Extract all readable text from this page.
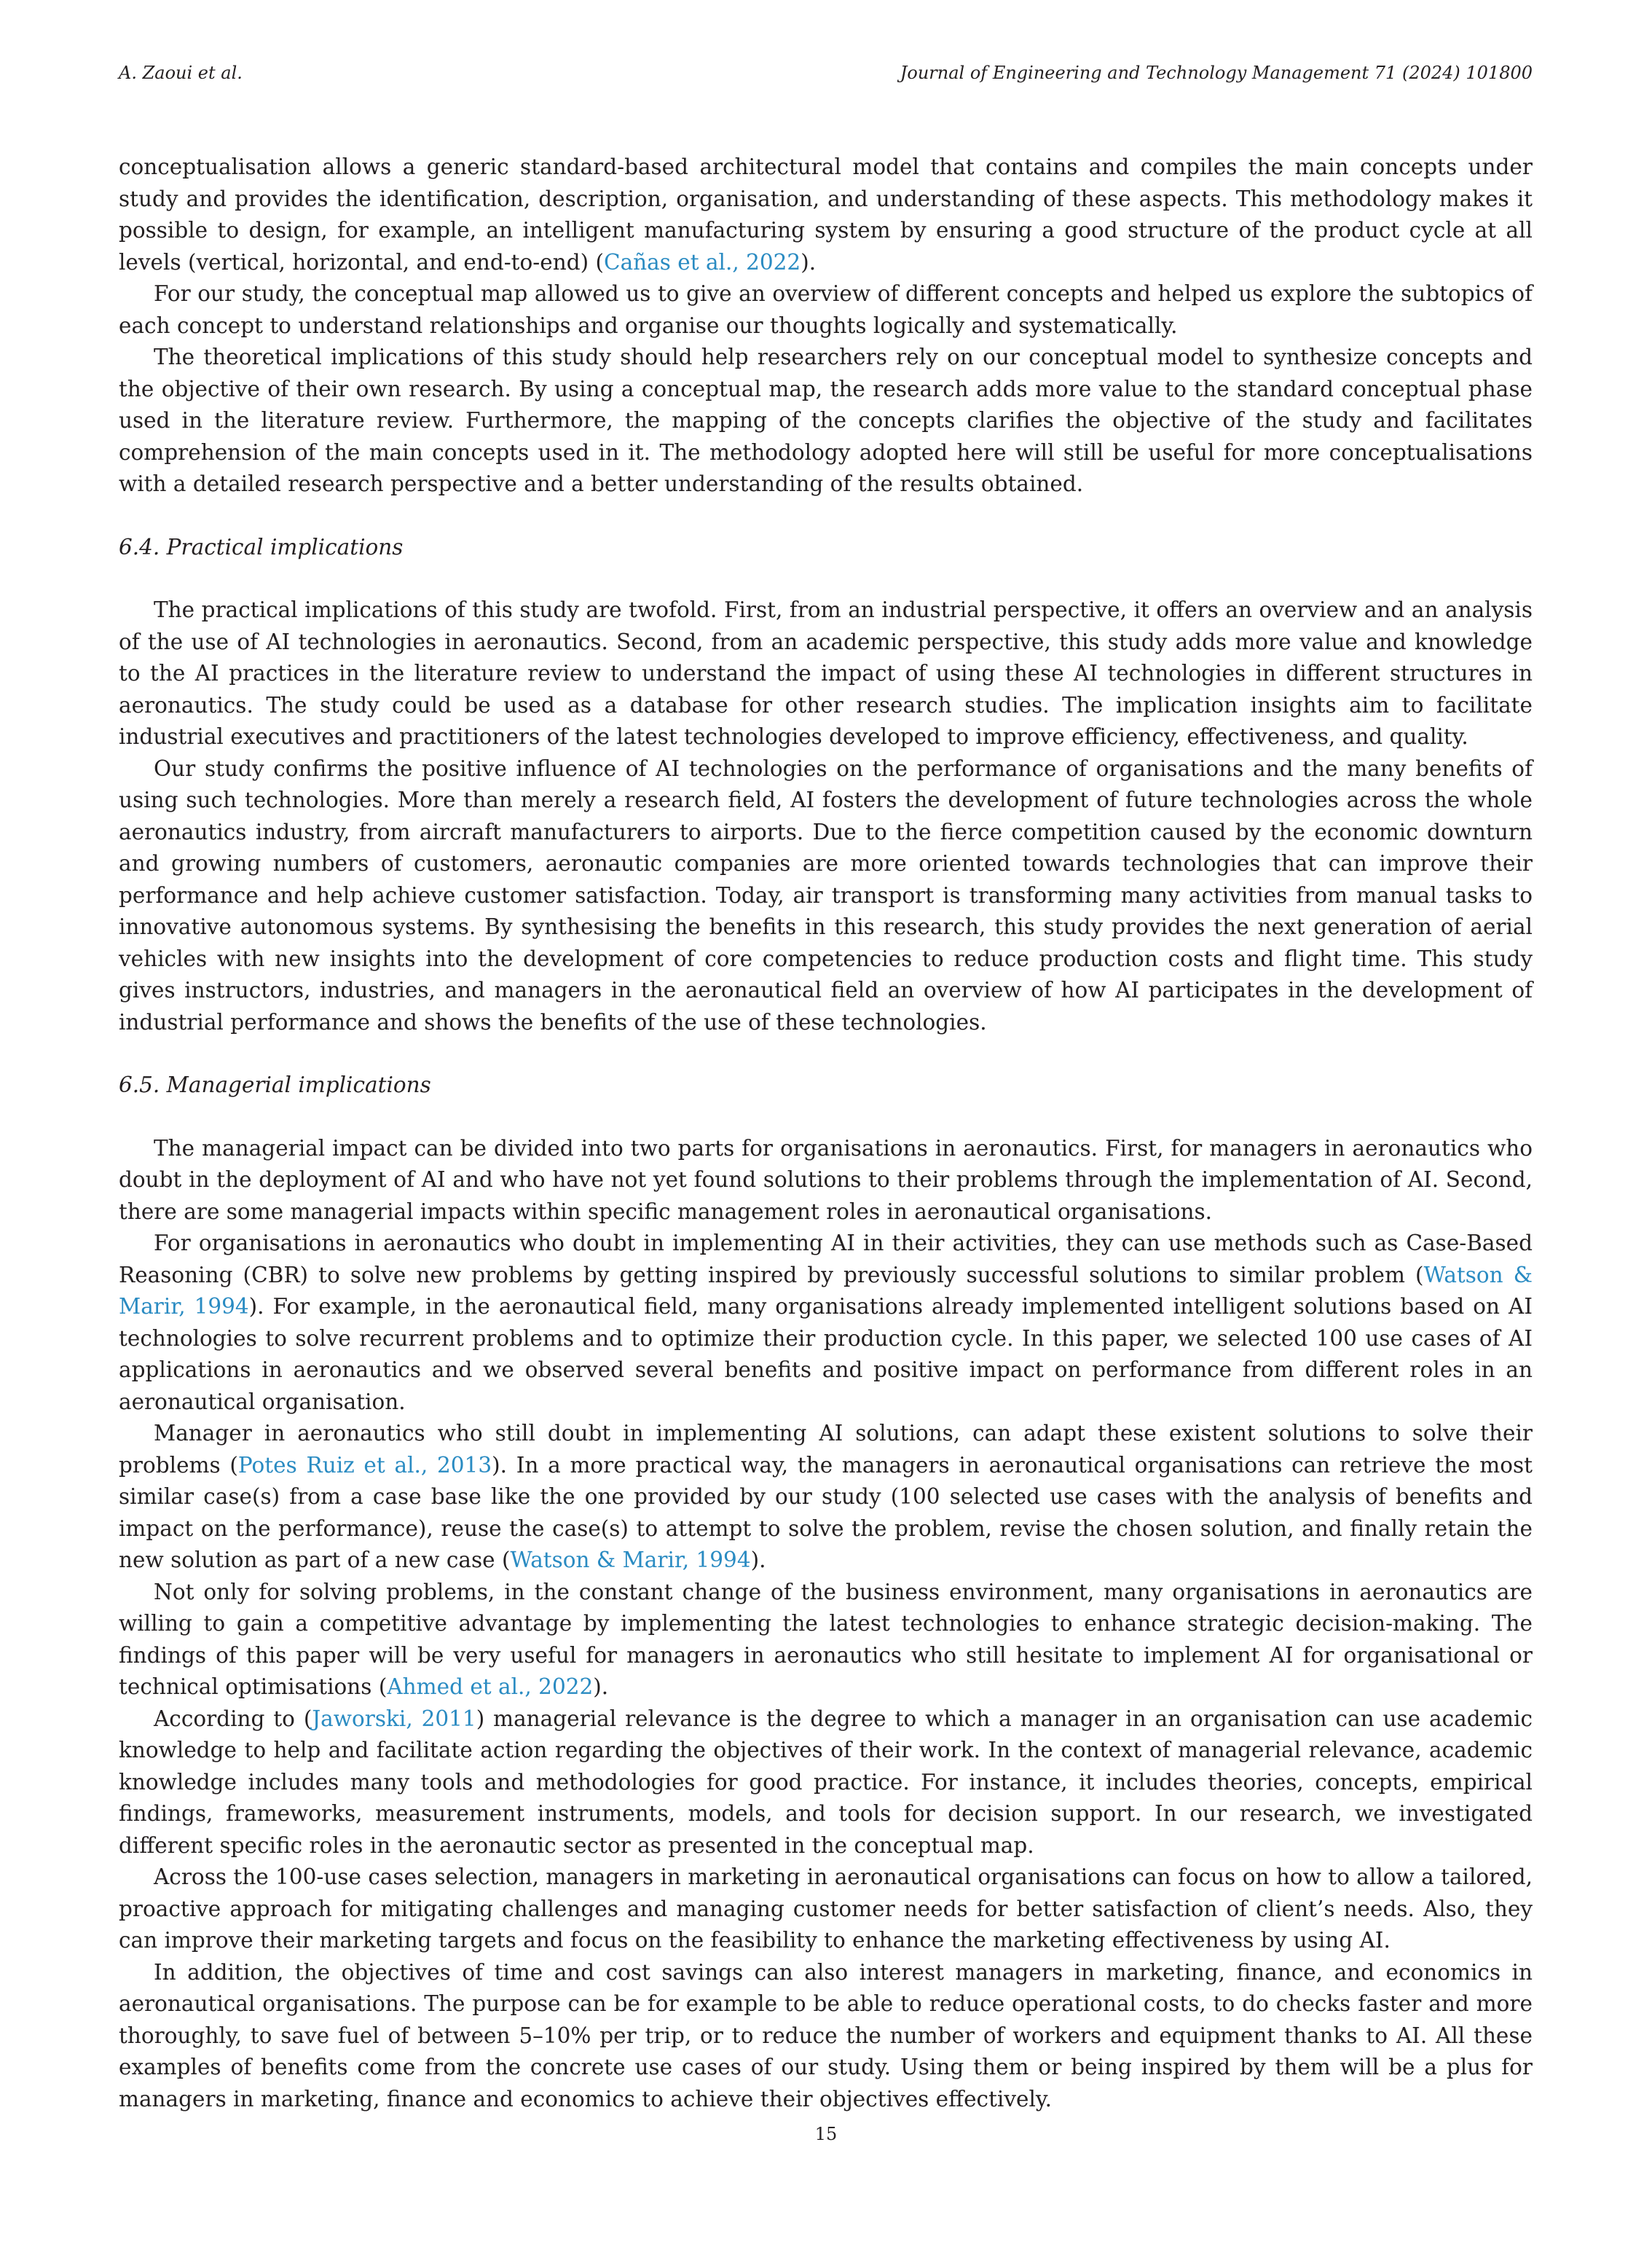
A. Zaoui et al.	Journal of Engineering and Technology Management 71 (2024) 101800

conceptualisation allows a generic standard-based architectural model that contains and compiles the main concepts under study and provides the identification, description, organisation, and understanding of these aspects. This methodology makes it possible to design, for example, an intelligent manufacturing system by ensuring a good structure of the product cycle at all levels (vertical, horizontal, and end-to-end) (Cañas et al., 2022).

For our study, the conceptual map allowed us to give an overview of different concepts and helped us explore the subtopics of each concept to understand relationships and organise our thoughts logically and systematically.

The theoretical implications of this study should help researchers rely on our conceptual model to synthesize concepts and the objective of their own research. By using a conceptual map, the research adds more value to the standard conceptual phase used in the literature review. Furthermore, the mapping of the concepts clarifies the objective of the study and facilitates comprehension of the main concepts used in it. The methodology adopted here will still be useful for more conceptualisations with a detailed research perspective and a better understanding of the results obtained.

6.4. Practical implications

The practical implications of this study are twofold. First, from an industrial perspective, it offers an overview and an analysis of the use of AI technologies in aeronautics. Second, from an academic perspective, this study adds more value and knowledge to the AI practices in the literature review to understand the impact of using these AI technologies in different structures in aeronautics. The study could be used as a database for other research studies. The implication insights aim to facilitate industrial executives and practitioners of the latest technologies developed to improve efficiency, effectiveness, and quality.

Our study confirms the positive influence of AI technologies on the performance of organisations and the many benefits of using such technologies. More than merely a research field, AI fosters the development of future technologies across the whole aeronautics industry, from aircraft manufacturers to airports. Due to the fierce competition caused by the economic downturn and growing numbers of customers, aeronautic companies are more oriented towards technologies that can improve their performance and help achieve customer satisfaction. Today, air transport is transforming many activities from manual tasks to innovative autonomous systems. By synthesising the benefits in this research, this study provides the next generation of aerial vehicles with new insights into the development of core competencies to reduce production costs and flight time. This study gives instructors, industries, and managers in the aeronautical field an overview of how AI participates in the development of industrial performance and shows the benefits of the use of these technologies.

6.5. Managerial implications

The managerial impact can be divided into two parts for organisations in aeronautics. First, for managers in aeronautics who doubt in the deployment of AI and who have not yet found solutions to their problems through the implementation of AI. Second, there are some managerial impacts within specific management roles in aeronautical organisations.

For organisations in aeronautics who doubt in implementing AI in their activities, they can use methods such as Case-Based Reasoning (CBR) to solve new problems by getting inspired by previously successful solutions to similar problem (Watson & Marir, 1994). For example, in the aeronautical field, many organisations already implemented intelligent solutions based on AI technologies to solve recurrent problems and to optimize their production cycle. In this paper, we selected 100 use cases of AI applications in aeronautics and we observed several benefits and positive impact on performance from different roles in an aeronautical organisation.

Manager in aeronautics who still doubt in implementing AI solutions, can adapt these existent solutions to solve their problems (Potes Ruiz et al., 2013). In a more practical way, the managers in aeronautical organisations can retrieve the most similar case(s) from a case base like the one provided by our study (100 selected use cases with the analysis of benefits and impact on the performance), reuse the case(s) to attempt to solve the problem, revise the chosen solution, and finally retain the new solution as part of a new case (Watson & Marir, 1994).

Not only for solving problems, in the constant change of the business environment, many organisations in aeronautics are willing to gain a competitive advantage by implementing the latest technologies to enhance strategic decision-making. The findings of this paper will be very useful for managers in aeronautics who still hesitate to implement AI for organisational or technical optimisations (Ahmed et al., 2022).

According to (Jaworski, 2011) managerial relevance is the degree to which a manager in an organisation can use academic knowledge to help and facilitate action regarding the objectives of their work. In the context of managerial relevance, academic knowledge includes many tools and methodologies for good practice. For instance, it includes theories, concepts, empirical findings, frameworks, measurement instruments, models, and tools for decision support. In our research, we investigated different specific roles in the aeronautic sector as presented in the conceptual map.

Across the 100-use cases selection, managers in marketing in aeronautical organisations can focus on how to allow a tailored, proactive approach for mitigating challenges and managing customer needs for better satisfaction of client’s needs. Also, they can improve their marketing targets and focus on the feasibility to enhance the marketing effectiveness by using AI.

In addition, the objectives of time and cost savings can also interest managers in marketing, finance, and economics in aeronautical organisations. The purpose can be for example to be able to reduce operational costs, to do checks faster and more thoroughly, to save fuel of between 5–10% per trip, or to reduce the number of workers and equipment thanks to AI. All these examples of benefits come from the concrete use cases of our study. Using them or being inspired by them will be a plus for managers in marketing, finance and economics to achieve their objectives effectively.

15
